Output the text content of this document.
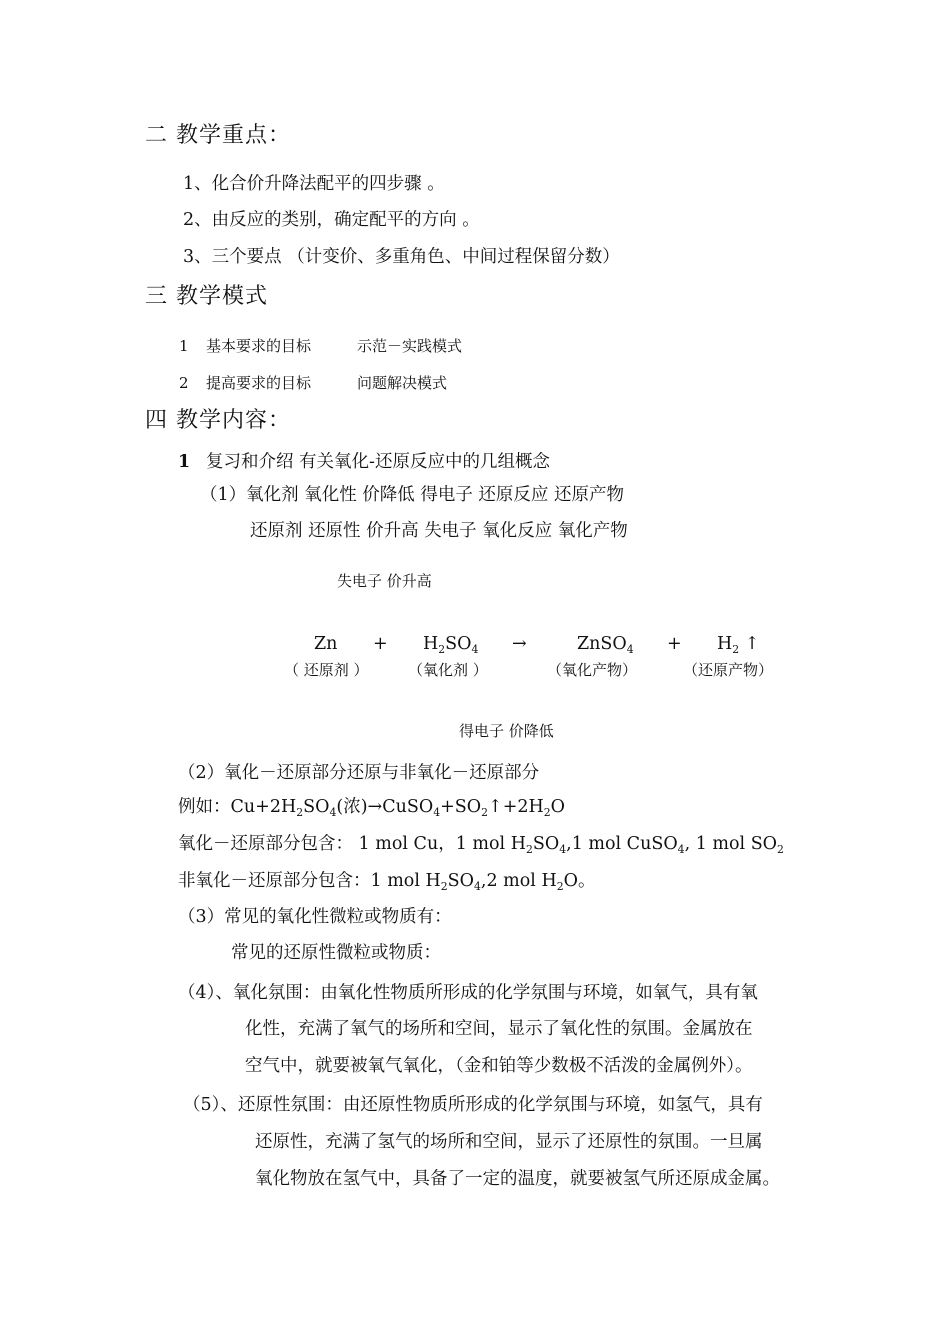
二 教学重点：
1、化合价升降法配平的四步骤 。
2、由反应的类别，确定配平的方向 。
3、三个要点 （计变价、多重角色、中间过程保留分数）
三 教学模式
1 基本要求的目标	示范－实践模式
2 提高要求的目标	问题解决模式
四 教学内容：
1 复习和介绍 有关氧化-还原反应中的几组概念
（1）氧化剂 氧化性 价降低 得电子 还原反应 还原产物
还原剂 还原性 价升高 失电子 氧化反应 氧化产物
失电子 价升高
$Zn + H_2SO_4$ →	ZnSO$_4$ + $H_2$ ↑
（ 还原剂 ）	（氧化剂 ）	（氧化产物）	（还原产物）
得电子 价降低
（2）氧化－还原部分还原与非氧化－还原部分
例如：$Cu+2H_2SO_4$(浓)$\to CuSO_4+SO_2↑+2H_2O$
氧化－还原部分包含： 1 mol Cu，1 mol $H_2SO_4,1$ mol CuSO$_4$, 1 mol $SO_2$
非氧化－还原部分包含：1 mol $H_2SO_4,2$ mol $H_2O$。
（3）常见的氧化性微粒或物质有：
常见的还原性微粒或物质：
（4）、氧化氛围：由氧化性物质所形成的化学氛围与环境，如氧气，具有氧
化性，充满了氧气的场所和空间，显示了氧化性的氛围。金属放在
空气中，就要被氧气氧化，（金和铂等少数极不活泼的金属例外）。
（5）、还原性氛围：由还原性物质所形成的化学氛围与环境，如氢气，具有
还原性，充满了氢气的场所和空间，显示了还原性的氛围。一旦属
氧化物放在氢气中，具备了一定的温度，就要被氢气所还原成金属。
